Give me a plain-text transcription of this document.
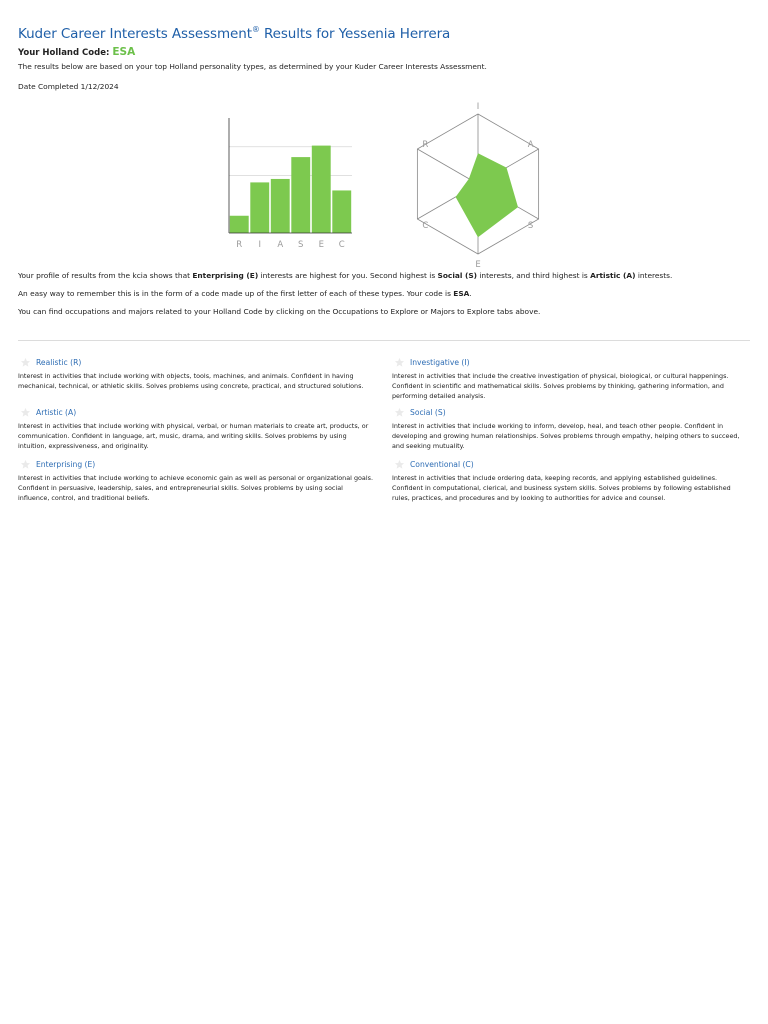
Kuder Career Interests Assessment® Results for Yessenia Herrera
Your Holland Code: ESA
The results below are based on your top Holland personality types, as determined by your Kuder Career Interests Assessment.
Date Completed 1/12/2024
R I A S E C
I
A
S
E
C
R
Your profile of results from the kcia shows that Enterprising (E) interests are highest for you. Second highest is Social (S) interests, and third highest is Artistic (A) interests.
An easy way to remember this is in the form of a code made up of the first letter of each of these types. Your code is ESA.
You can find occupations and majors related to your Holland Code by clicking on the Occupations to Explore or Majors to Explore tabs above.
Realistic (R)
Interest in activities that include working with objects, tools, machines, and animals. Confident in having mechanical, technical, or athletic skills. Solves problems using concrete, practical, and structured solutions.
Investigative (I)
Interest in activities that include the creative investigation of physical, biological, or cultural happenings. Confident in scientific and mathematical skills. Solves problems by thinking, gathering information, and performing detailed analysis.
Artistic (A)
Interest in activities that include working with physical, verbal, or human materials to create art, products, or communication. Confident in language, art, music, drama, and writing skills. Solves problems by using intuition, expressiveness, and originality.
Social (S)
Interest in activities that include working to inform, develop, heal, and teach other people. Confident in developing and growing human relationships. Solves problems through empathy, helping others to succeed, and seeking mutuality.
Enterprising (E)
Interest in activities that include working to achieve economic gain as well as personal or organizational goals. Confident in persuasive, leadership, sales, and entrepreneurial skills. Solves problems by using social influence, control, and traditional beliefs.
Conventional (C)
Interest in activities that include ordering data, keeping records, and applying established guidelines. Confident in computational, clerical, and business system skills. Solves problems by following established rules, practices, and procedures and by looking to authorities for advice and counsel.
